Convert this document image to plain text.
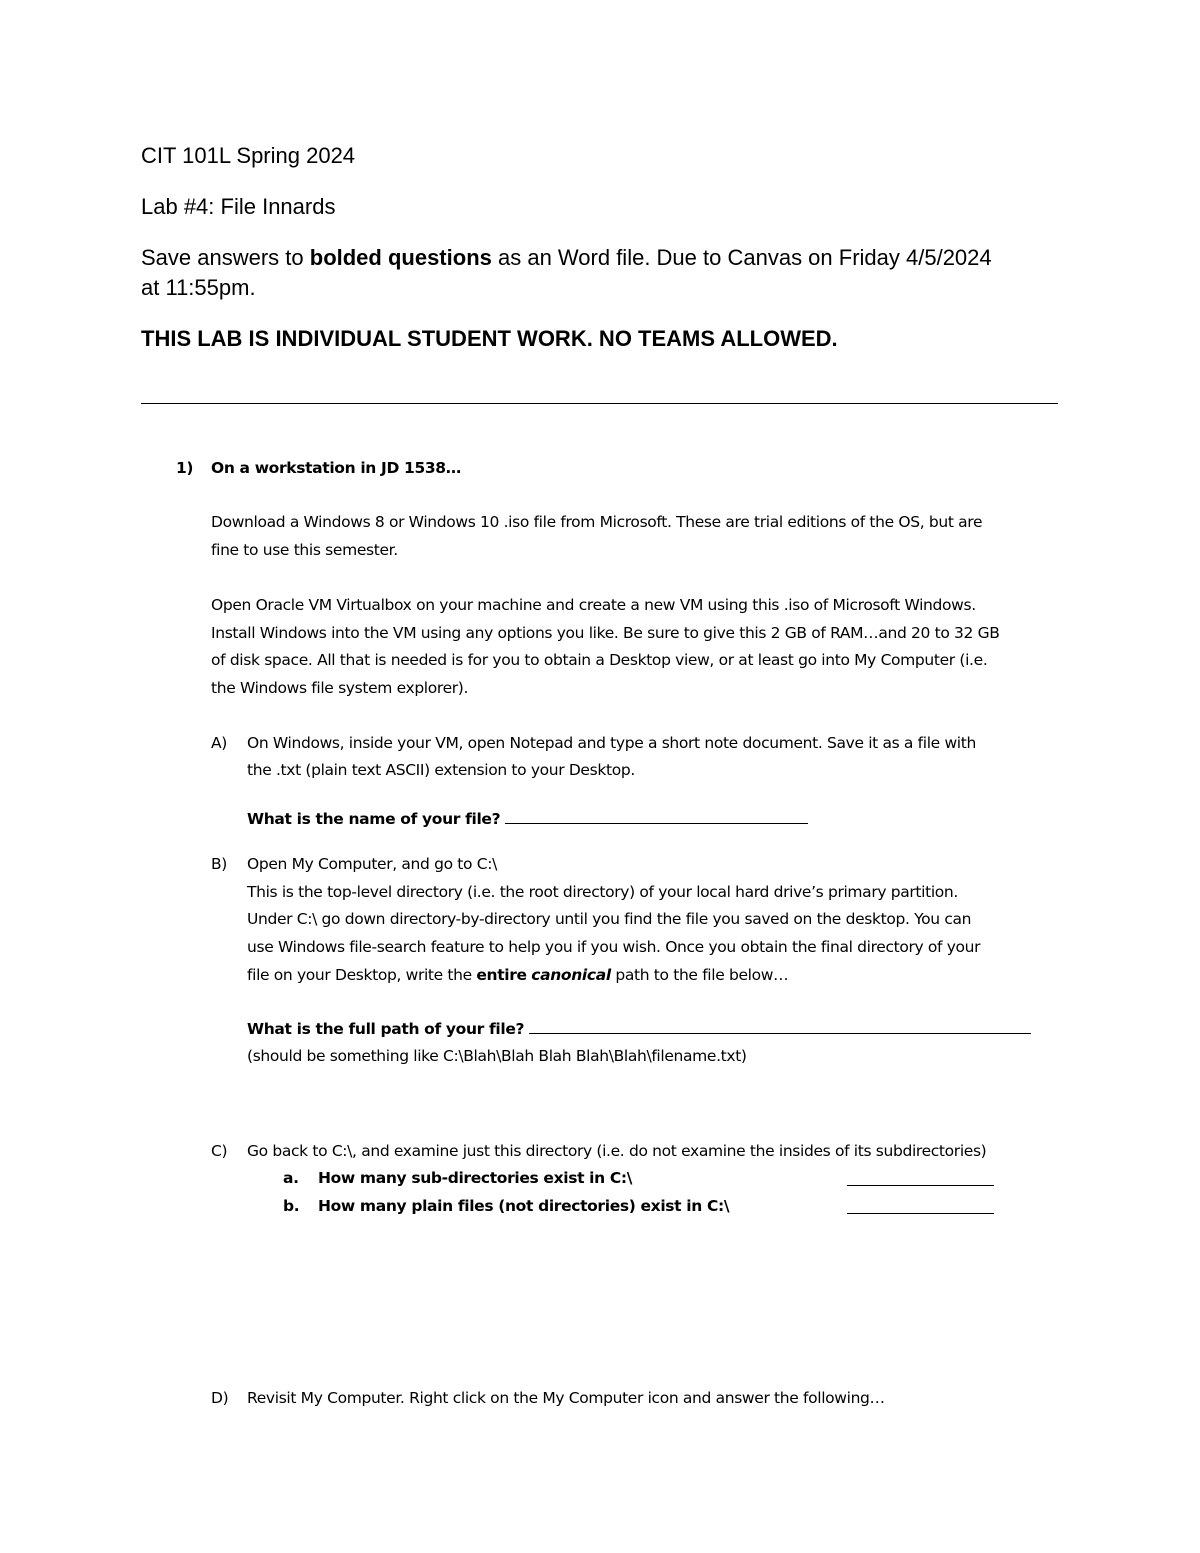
CIT 101L Spring 2024
Lab #4: File Innards
Save answers to bolded questions as an Word file. Due to Canvas on Friday 4/5/2024
at 11:55pm.
THIS LAB IS INDIVIDUAL STUDENT WORK. NO TEAMS ALLOWED.
1) On a workstation in JD 1538…
Download a Windows 8 or Windows 10 .iso file from Microsoft. These are trial editions of the OS, but are
fine to use this semester.
Open Oracle VM Virtualbox on your machine and create a new VM using this .iso of Microsoft Windows.
Install Windows into the VM using any options you like. Be sure to give this 2 GB of RAM…and 20 to 32 GB
of disk space. All that is needed is for you to obtain a Desktop view, or at least go into My Computer (i.e.
the Windows file system explorer).
A) On Windows, inside your VM, open Notepad and type a short note document. Save it as a file with
the .txt (plain text ASCII) extension to your Desktop.
What is the name of your file?
B) Open My Computer, and go to C:\
This is the top-level directory (i.e. the root directory) of your local hard drive’s primary partition.
Under C:\ go down directory-by-directory until you find the file you saved on the desktop. You can
use Windows file-search feature to help you if you wish. Once you obtain the final directory of your
file on your Desktop, write the entire canonical path to the file below…
What is the full path of your file?
(should be something like C:\Blah\Blah Blah Blah\Blah\filename.txt)
C) Go back to C:\, and examine just this directory (i.e. do not examine the insides of its subdirectories)
a. How many sub-directories exist in C:\
b. How many plain files (not directories) exist in C:\
D) Revisit My Computer. Right click on the My Computer icon and answer the following…
